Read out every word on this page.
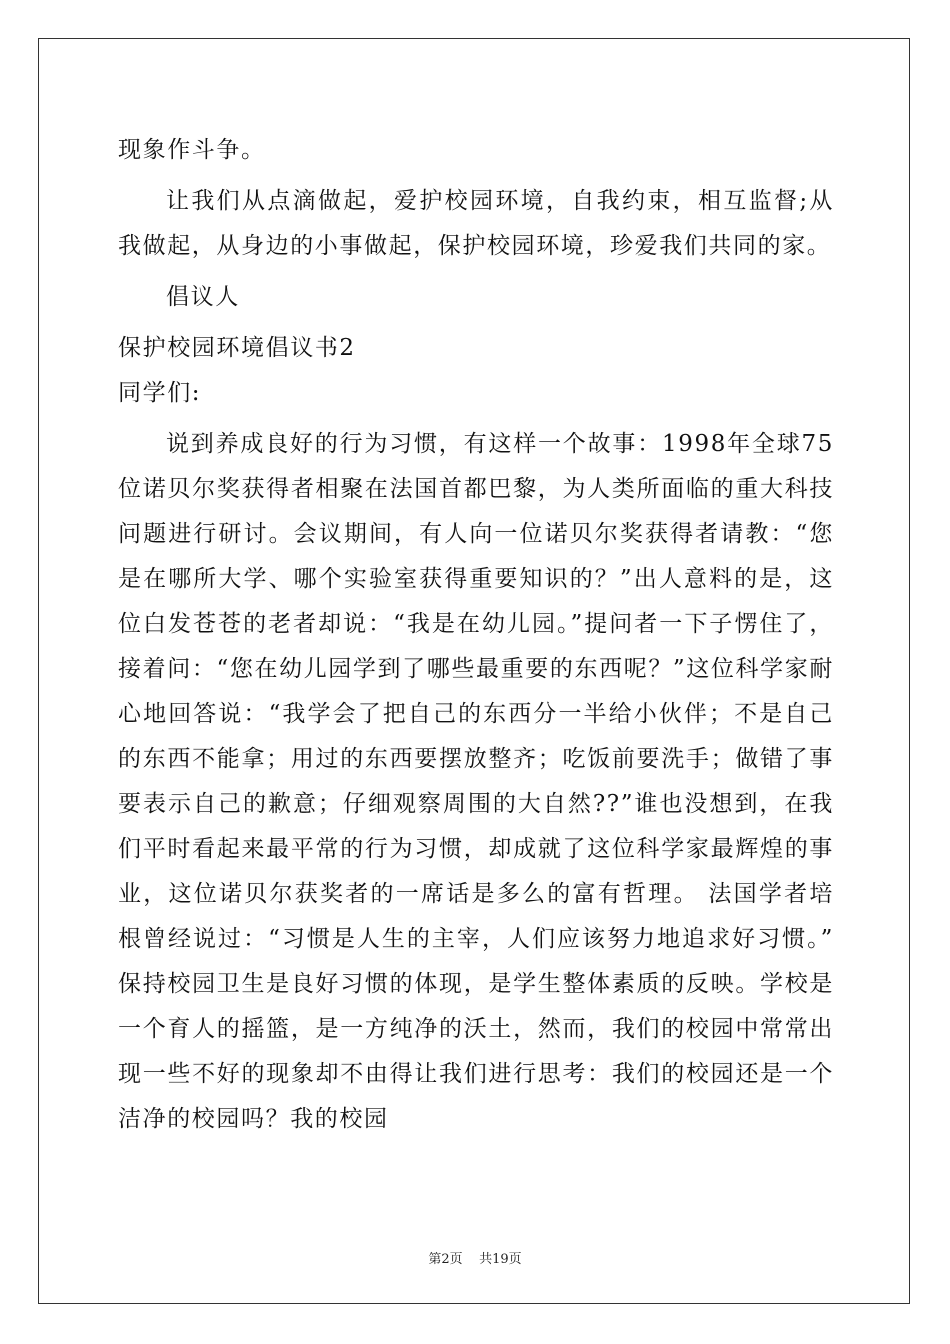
现象作斗争。

让我们从点滴做起，爱护校园环境，自我约束，相互监督;从我做起，从身边的小事做起，保护校园环境，珍爱我们共同的家。

倡议人

保护校园环境倡议书2

同学们:

说到养成良好的行为习惯，有这样一个故事：1998年全球75位诺贝尔奖获得者相聚在法国首都巴黎，为人类所面临的重大科技问题进行研讨。会议期间，有人向一位诺贝尔奖获得者请教：“您是在哪所大学、哪个实验室获得重要知识的？”出人意料的是，这位白发苍苍的老者却说：“我是在幼儿园。”提问者一下子愣住了，接着问：“您在幼儿园学到了哪些最重要的东西呢？”这位科学家耐心地回答说：“我学会了把自己的东西分一半给小伙伴；不是自己的东西不能拿；用过的东西要摆放整齐；吃饭前要洗手；做错了事要表示自己的歉意；仔细观察周围的大自然??”谁也没想到，在我们平时看起来最平常的行为习惯，却成就了这位科学家最辉煌的事业，这位诺贝尔获奖者的一席话是多么的富有哲理。 法国学者培根曾经说过：“习惯是人生的主宰，人们应该努力地追求好习惯。” 保持校园卫生是良好习惯的体现，是学生整体素质的反映。学校是一个育人的摇篮，是一方纯净的沃土，然而，我们的校园中常常出现一些不好的现象却不由得让我们进行思考：我们的校园还是一个洁净的校园吗？我的校园

第2页 共19页
